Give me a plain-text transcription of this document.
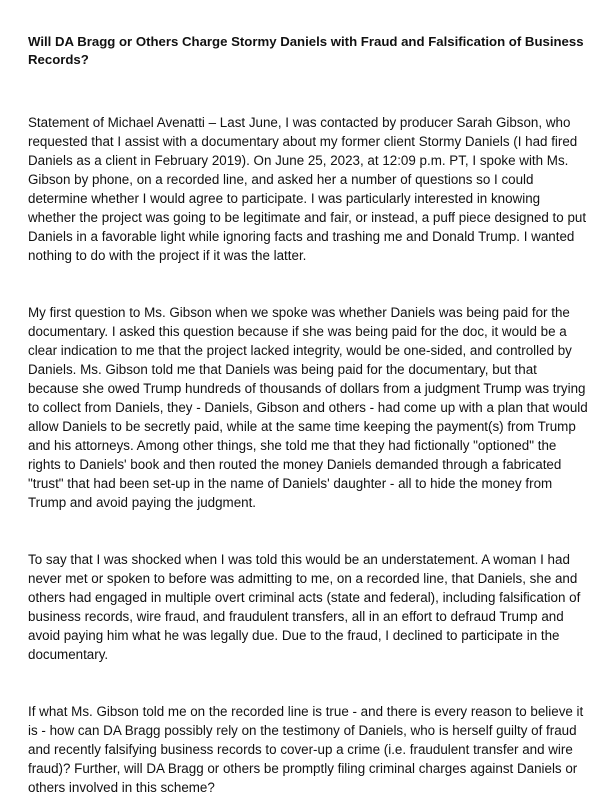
Will DA Bragg or Others Charge Stormy Daniels with Fraud and Falsification of Business Records?
Statement of Michael Avenatti – Last June, I was contacted by producer Sarah Gibson, who requested that I assist with a documentary about my former client Stormy Daniels (I had fired Daniels as a client in February 2019). On June 25, 2023, at 12:09 p.m. PT, I spoke with Ms. Gibson by phone, on a recorded line, and asked her a number of questions so I could determine whether I would agree to participate. I was particularly interested in knowing whether the project was going to be legitimate and fair, or instead, a puff piece designed to put Daniels in a favorable light while ignoring facts and trashing me and Donald Trump. I wanted nothing to do with the project if it was the latter.
My first question to Ms. Gibson when we spoke was whether Daniels was being paid for the documentary. I asked this question because if she was being paid for the doc, it would be a clear indication to me that the project lacked integrity, would be one-sided, and controlled by Daniels. Ms. Gibson told me that Daniels was being paid for the documentary, but that because she owed Trump hundreds of thousands of dollars from a judgment Trump was trying to collect from Daniels, they - Daniels, Gibson and others - had come up with a plan that would allow Daniels to be secretly paid, while at the same time keeping the payment(s) from Trump and his attorneys. Among other things, she told me that they had fictionally "optioned" the rights to Daniels' book and then routed the money Daniels demanded through a fabricated "trust" that had been set-up in the name of Daniels' daughter - all to hide the money from Trump and avoid paying the judgment.
To say that I was shocked when I was told this would be an understatement. A woman I had never met or spoken to before was admitting to me, on a recorded line, that Daniels, she and others had engaged in multiple overt criminal acts (state and federal), including falsification of business records, wire fraud, and fraudulent transfers, all in an effort to defraud Trump and avoid paying him what he was legally due. Due to the fraud, I declined to participate in the documentary.
If what Ms. Gibson told me on the recorded line is true - and there is every reason to believe it is - how can DA Bragg possibly rely on the testimony of Daniels, who is herself guilty of fraud and recently falsifying business records to cover-up a crime (i.e. fraudulent transfer and wire fraud)? Further, will DA Bragg or others be promptly filing criminal charges against Daniels or others involved in this scheme?
